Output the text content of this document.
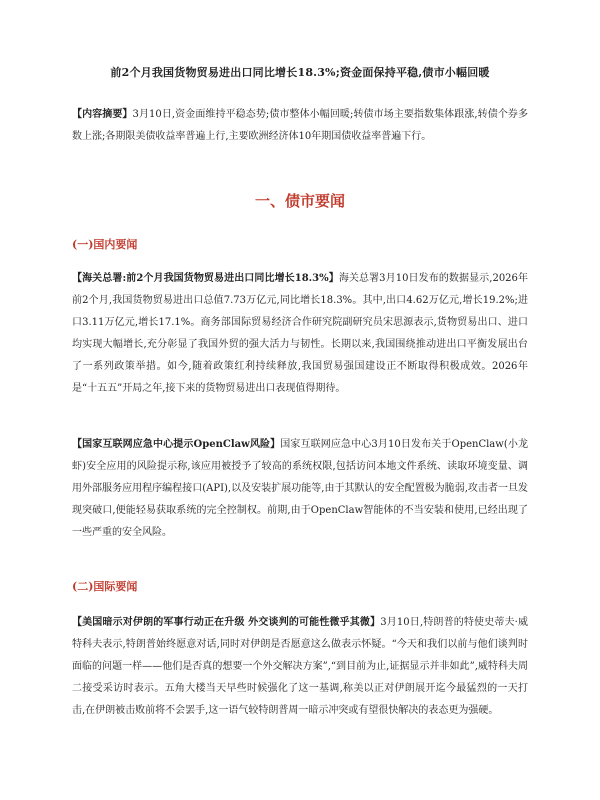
前2个月我国货物贸易进出口同比增长18.3%;资金面保持平稳,债市小幅回暖
【内容摘要】3月10日,资金面维持平稳态势;债市整体小幅回暖;转债市场主要指数集体跟涨,转债个券多数上涨;各期限美债收益率普遍上行,主要欧洲经济体10年期国债收益率普遍下行。
一、债市要闻
(一)国内要闻
【海关总署:前2个月我国货物贸易进出口同比增长18.3%】海关总署3月10日发布的数据显示,2026年前2个月,我国货物贸易进出口总值7.73万亿元,同比增长18.3%。其中,出口4.62万亿元,增长19.2%;进口3.11万亿元,增长17.1%。商务部国际贸易经济合作研究院副研究员宋思源表示,货物贸易出口、进口均实现大幅增长,充分彰显了我国外贸的强大活力与韧性。长期以来,我国围绕推动进出口平衡发展出台了一系列政策举措。如今,随着政策红利持续释放,我国贸易强国建设正不断取得积极成效。2026年是“十五五”开局之年,接下来的货物贸易进出口表现值得期待。
【国家互联网应急中心提示OpenClaw风险】国家互联网应急中心3月10日发布关于OpenClaw(小龙虾)安全应用的风险提示称,该应用被授予了较高的系统权限,包括访问本地文件系统、读取环境变量、调用外部服务应用程序编程接口(API),以及安装扩展功能等,由于其默认的安全配置极为脆弱,攻击者一旦发现突破口,便能轻易获取系统的完全控制权。前期,由于OpenClaw智能体的不当安装和使用,已经出现了一些严重的安全风险。
(二)国际要闻
【美国暗示对伊朗的军事行动正在升级 外交谈判的可能性微乎其微】3月10日,特朗普的特使史蒂夫·威特科夫表示,特朗普始终愿意对话,同时对伊朗是否愿意这么做表示怀疑。“今天和我们以前与他们谈判时面临的问题一样——他们是否真的想要一个外交解决方案”,“到目前为止,证据显示并非如此”,威特科夫周二接受采访时表示。五角大楼当天早些时候强化了这一基调,称美以正对伊朗展开迄今最猛烈的一天打击,在伊朗被击败前将不会罢手,这一语气较特朗普周一暗示冲突或有望很快解决的表态更为强硬。
